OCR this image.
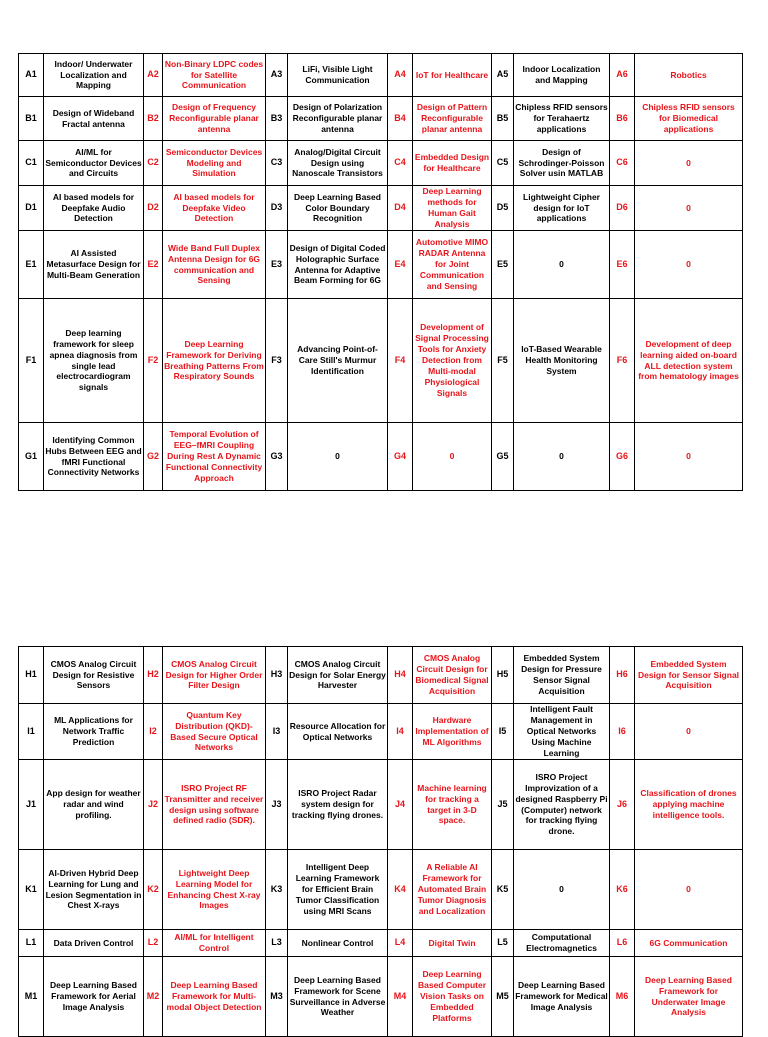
A1	Indoor/ Underwater Localization and Mapping	A2	Non-Binary LDPC codes for Satellite Communication	A3	LiFi, Visible Light Communication	A4	IoT for Healthcare	A5	Indoor Localization and Mapping	A6	Robotics
B1	Design of Wideband Fractal antenna	B2	Design of Frequency Reconfigurable planar antenna	B3	Design of Polarization Reconfigurable planar antenna	B4	Design of Pattern Reconfigurable planar antenna	B5	Chipless RFID sensors for Terahaertz applications	B6	Chipless RFID sensors for Biomedical applications
C1	AI/ML for Semiconductor Devices and Circuits	C2	Semiconductor Devices Modeling and Simulation	C3	Analog/Digital Circuit Design using Nanoscale Transistors	C4	Embedded Design for Healthcare	C5	Design of Schrodinger-Poisson Solver usin MATLAB	C6	0
D1	AI based models for Deepfake Audio Detection	D2	AI based models for Deepfake Video Detection	D3	Deep Learning Based Color Boundary Recognition	D4	Deep Learning methods for Human Gait Analysis	D5	Lightweight Cipher design for IoT applications	D6	0
E1	AI Assisted Metasurface Design for Multi-Beam Generation	E2	Wide Band Full Duplex Antenna Design for 6G communication and Sensing	E3	Design of Digital Coded Holographic Surface Antenna for Adaptive Beam Forming for 6G	E4	Automotive MIMO RADAR Antenna for Joint Communication and Sensing	E5	0	E6	0
F1	Deep learning framework for sleep apnea diagnosis from single lead electrocardiogram signals	F2	Deep Learning Framework for Deriving Breathing Patterns From Respiratory Sounds	F3	Advancing Point-of-Care Still's Murmur Identification	F4	Development of Signal Processing Tools for Anxiety Detection from Multi-modal Physiological Signals	F5	IoT-Based Wearable Health Monitoring System	F6	Development of deep learning aided on-board ALL detection system from hematology images
G1	Identifying Common Hubs Between EEG and fMRI Functional Connectivity Networks	G2	Temporal Evolution of EEG–fMRI Coupling During Rest A Dynamic Functional Connectivity Approach	G3	0	G4	0	G5	0	G6	0
H1	CMOS Analog Circuit Design for Resistive Sensors	H2	CMOS Analog Circuit Design for Higher Order Filter Design	H3	CMOS Analog Circuit Design for Solar Energy Harvester	H4	CMOS Analog Circuit Design for Biomedical Signal Acquisition	H5	Embedded System Design for Pressure Sensor Signal Acquisition	H6	Embedded System Design for Sensor Signal Acquisition
I1	ML Applications for Network Traffic Prediction	I2	Quantum Key Distribution (QKD)-Based Secure Optical Networks	I3	Resource Allocation for Optical Networks	I4	Hardware Implementation of ML Algorithms	I5	Intelligent Fault Management in Optical Networks Using Machine Learning	I6	0
J1	App design for weather radar and wind profiling.	J2	ISRO Project RF Transmitter and receiver design using software defined radio (SDR).	J3	ISRO Project Radar system design for tracking flying drones.	J4	Machine learning for tracking a target in 3-D space.	J5	ISRO Project Improvization of a designed Raspberry Pi (Computer) network for tracking flying drone.	J6	Classification of drones applying machine intelligence tools.
K1	AI-Driven Hybrid Deep Learning for Lung and Lesion Segmentation in Chest X-rays	K2	Lightweight Deep Learning Model for Enhancing Chest X-ray Images	K3	Intelligent Deep Learning Framework for Efficient Brain Tumor Classification using MRI Scans	K4	A Reliable AI Framework for Automated Brain Tumor Diagnosis and Localization	K5	0	K6	0
L1	Data Driven Control	L2	AI/ML for Intelligent Control	L3	Nonlinear Control	L4	Digital Twin	L5	Computational Electromagnetics	L6	6G Communication
M1	Deep Learning Based Framework for Aerial Image Analysis	M2	Deep Learning Based Framework for Multi-modal Object Detection	M3	Deep Learning Based Framework for Scene Surveillance in Adverse Weather	M4	Deep Learning Based Computer Vision Tasks on Embedded Platforms	M5	Deep Learning Based Framework for Medical Image Analysis	M6	Deep Learning Based Framework for Underwater Image Analysis
